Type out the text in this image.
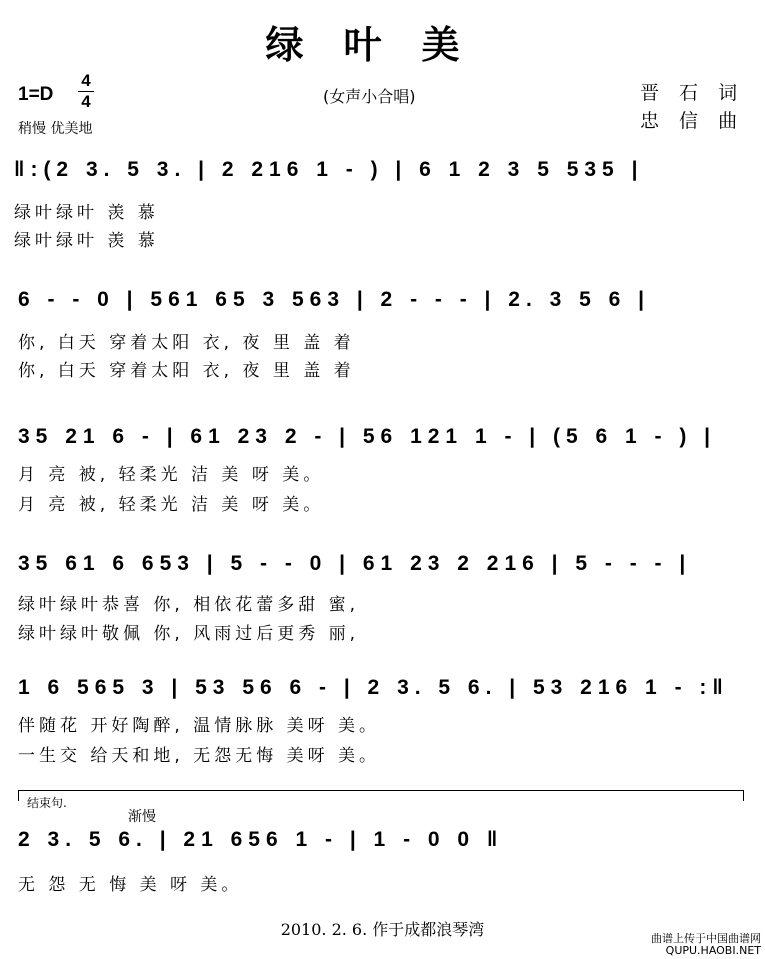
绿叶美
1=D
4
4
稍慢 优美地
(女声小合唱)	晋 石 词
忠 信 曲
‖:(2 3. 5 3. | 2 216 1 - ) | 6 1 2 3 5 535 |
绿叶绿叶 羡 慕
绿叶绿叶 羡 慕
6 - - 0 | 561 65 3 563 | 2 - - - | 2. 3 5 6 |
你, 白天 穿着太阳 衣, 夜 里 盖 着
你, 白天 穿着太阳 衣, 夜 里 盖 着
35 21 6 - | 61 23 2 - | 56 121 1 - | (5 6 1 - ) |
月 亮 被, 轻柔光 洁 美 呀 美。
月 亮 被, 轻柔光 洁 美 呀 美。
35 61 6 653 | 5 - - 0 | 61 23 2 216 | 5 - - - |
绿叶绿叶恭喜 你, 相依花蕾多甜 蜜,
绿叶绿叶敬佩 你, 风雨过后更秀 丽,
1 6 565 3 | 53 56 6 - | 2 3. 5 6. | 53 216 1 - :‖
伴随花 开好陶醉, 温情脉脉 美呀 美。
一生交 给天和地, 无怨无悔 美呀 美。
2 3. 5 6. | 21 656 1 - | 1 - 0 0 ‖
无 怨 无 悔 美 呀 美。
结束句.
渐慢
2010. 2. 6. 作于成都浪琴湾	曲谱上传于中国曲谱网
QUPU.HAOBI.NET
